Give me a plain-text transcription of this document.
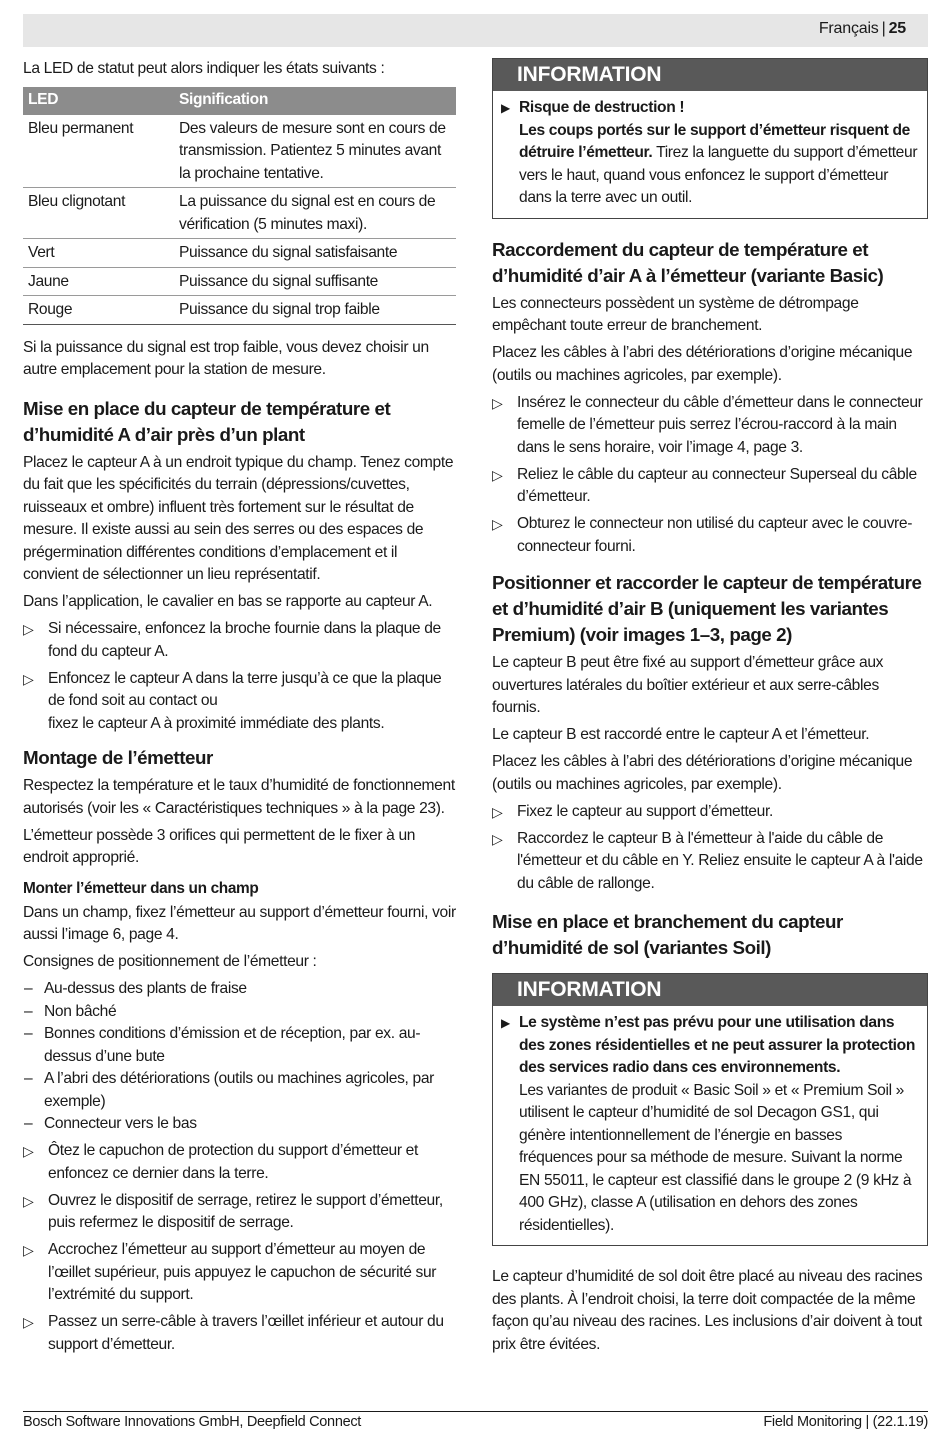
Français | 25

La LED de statut peut alors indiquer les états suivants :

LED	Signification
Bleu permanent	Des valeurs de mesure sont en cours de transmission. Patientez 5 minutes avant la prochaine tentative.
Bleu clignotant	La puissance du signal est en cours de vérification (5 minutes maxi).
Vert	Puissance du signal satisfaisante
Jaune	Puissance du signal suffisante
Rouge	Puissance du signal trop faible

Si la puissance du signal est trop faible, vous devez choisir un autre emplacement pour la station de mesure.

Mise en place du capteur de température et d’humidité A d’air près d’un plant

Placez le capteur A à un endroit typique du champ. Tenez compte du fait que les spécificités du terrain (dépressions/cuvettes, ruisseaux et ombre) influent très fortement sur le résultat de mesure. Il existe aussi au sein des serres ou des espaces de prégermination différentes conditions d’emplacement et il convient de sélectionner un lieu représentatif.

Dans l’application, le cavalier en bas se rapporte au capteur A.

▷ Si nécessaire, enfoncez la broche fournie dans la plaque de fond du capteur A.
▷ Enfoncez le capteur A dans la terre jusqu’à ce que la plaque de fond soit au contact ou
fixez le capteur A à proximité immédiate des plants.
Montage de l’émetteur

Respectez la température et le taux d’humidité de fonctionnement autorisés (voir les « Caractéristiques techniques » à la page 23).

L’émetteur possède 3 orifices qui permettent de le fixer à un endroit approprié.

Monter l’émetteur dans un champ

Dans un champ, fixez l’émetteur au support d’émetteur fourni, voir aussi l’image 6, page 4.

Consignes de positionnement de l’émetteur :

– Au-dessus des plants de fraise
– Non bâché
– Bonnes conditions d’émission et de réception, par ex. au-dessus d’une bute
– A l’abri des détériorations (outils ou machines agricoles, par exemple)
– Connecteur vers le bas
▷ Ôtez le capuchon de protection du support d’émetteur et enfoncez ce dernier dans la terre.
▷ Ouvrez le dispositif de serrage, retirez le support d’émetteur, puis refermez le dispositif de serrage.
▷ Accrochez l’émetteur au support d’émetteur au moyen de l’œillet supérieur, puis appuyez le capuchon de sécurité sur l’extrémité du support.
▷ Passez un serre-câble à travers l’œillet inférieur et autour du support d’émetteur.
INFORMATION
▶ Risque de destruction !
Les coups portés sur le support d’émetteur risquent de détruire l’émetteur. Tirez la languette du support d’émetteur vers le haut, quand vous enfoncez le support d’émetteur dans la terre avec un outil.
Raccordement du capteur de température et d’humidité d’air A à l’émetteur (variante Basic)

Les connecteurs possèdent un système de détrompage empêchant toute erreur de branchement.

Placez les câbles à l’abri des détériorations d’origine mécanique (outils ou machines agricoles, par exemple).

▷ Insérez le connecteur du câble d’émetteur dans le connecteur femelle de l’émetteur puis serrez l’écrou-raccord à la main dans le sens horaire, voir l’image 4, page 3.
▷ Reliez le câble du capteur au connecteur Superseal du câble d’émetteur.
▷ Obturez le connecteur non utilisé du capteur avec le couvre-connecteur fourni.
Positionner et raccorder le capteur de température et d’humidité d’air B (uniquement les variantes Premium) (voir images 1–3, page 2)

Le capteur B peut être fixé au support d’émetteur grâce aux ouvertures latérales du boîtier extérieur et aux serre-câbles fournis.

Le capteur B est raccordé entre le capteur A et l’émetteur.

Placez les câbles à l’abri des détériorations d’origine mécanique (outils ou machines agricoles, par exemple).

▷ Fixez le capteur au support d’émetteur.
▷ Raccordez le capteur B à l'émetteur à l'aide du câble de l'émetteur et du câble en Y. Reliez ensuite le capteur A à l'aide du câble de rallonge.
Mise en place et branchement du capteur d’humidité de sol (variantes Soil)
INFORMATION
▶ Le système n’est pas prévu pour une utilisation dans des zones résidentielles et ne peut assurer la protection des services radio dans ces environnements.
Les variantes de produit « Basic Soil » et « Premium Soil » utilisent le capteur d’humidité de sol Decagon GS1, qui génère intentionnellement de l’énergie en basses fréquences pour sa méthode de mesure. Suivant la norme EN 55011, le capteur est classifié dans le groupe 2 (9 kHz à 400 GHz), classe A (utilisation en dehors des zones résidentielles).

Le capteur d’humidité de sol doit être placé au niveau des racines des plants. À l’endroit choisi, la terre doit compactée de la même façon qu’au niveau des racines. Les inclusions d’air doivent à tout prix être évitées.

Bosch Software Innovations GmbH, Deepfield Connect	Field Monitoring | (22.1.19)
